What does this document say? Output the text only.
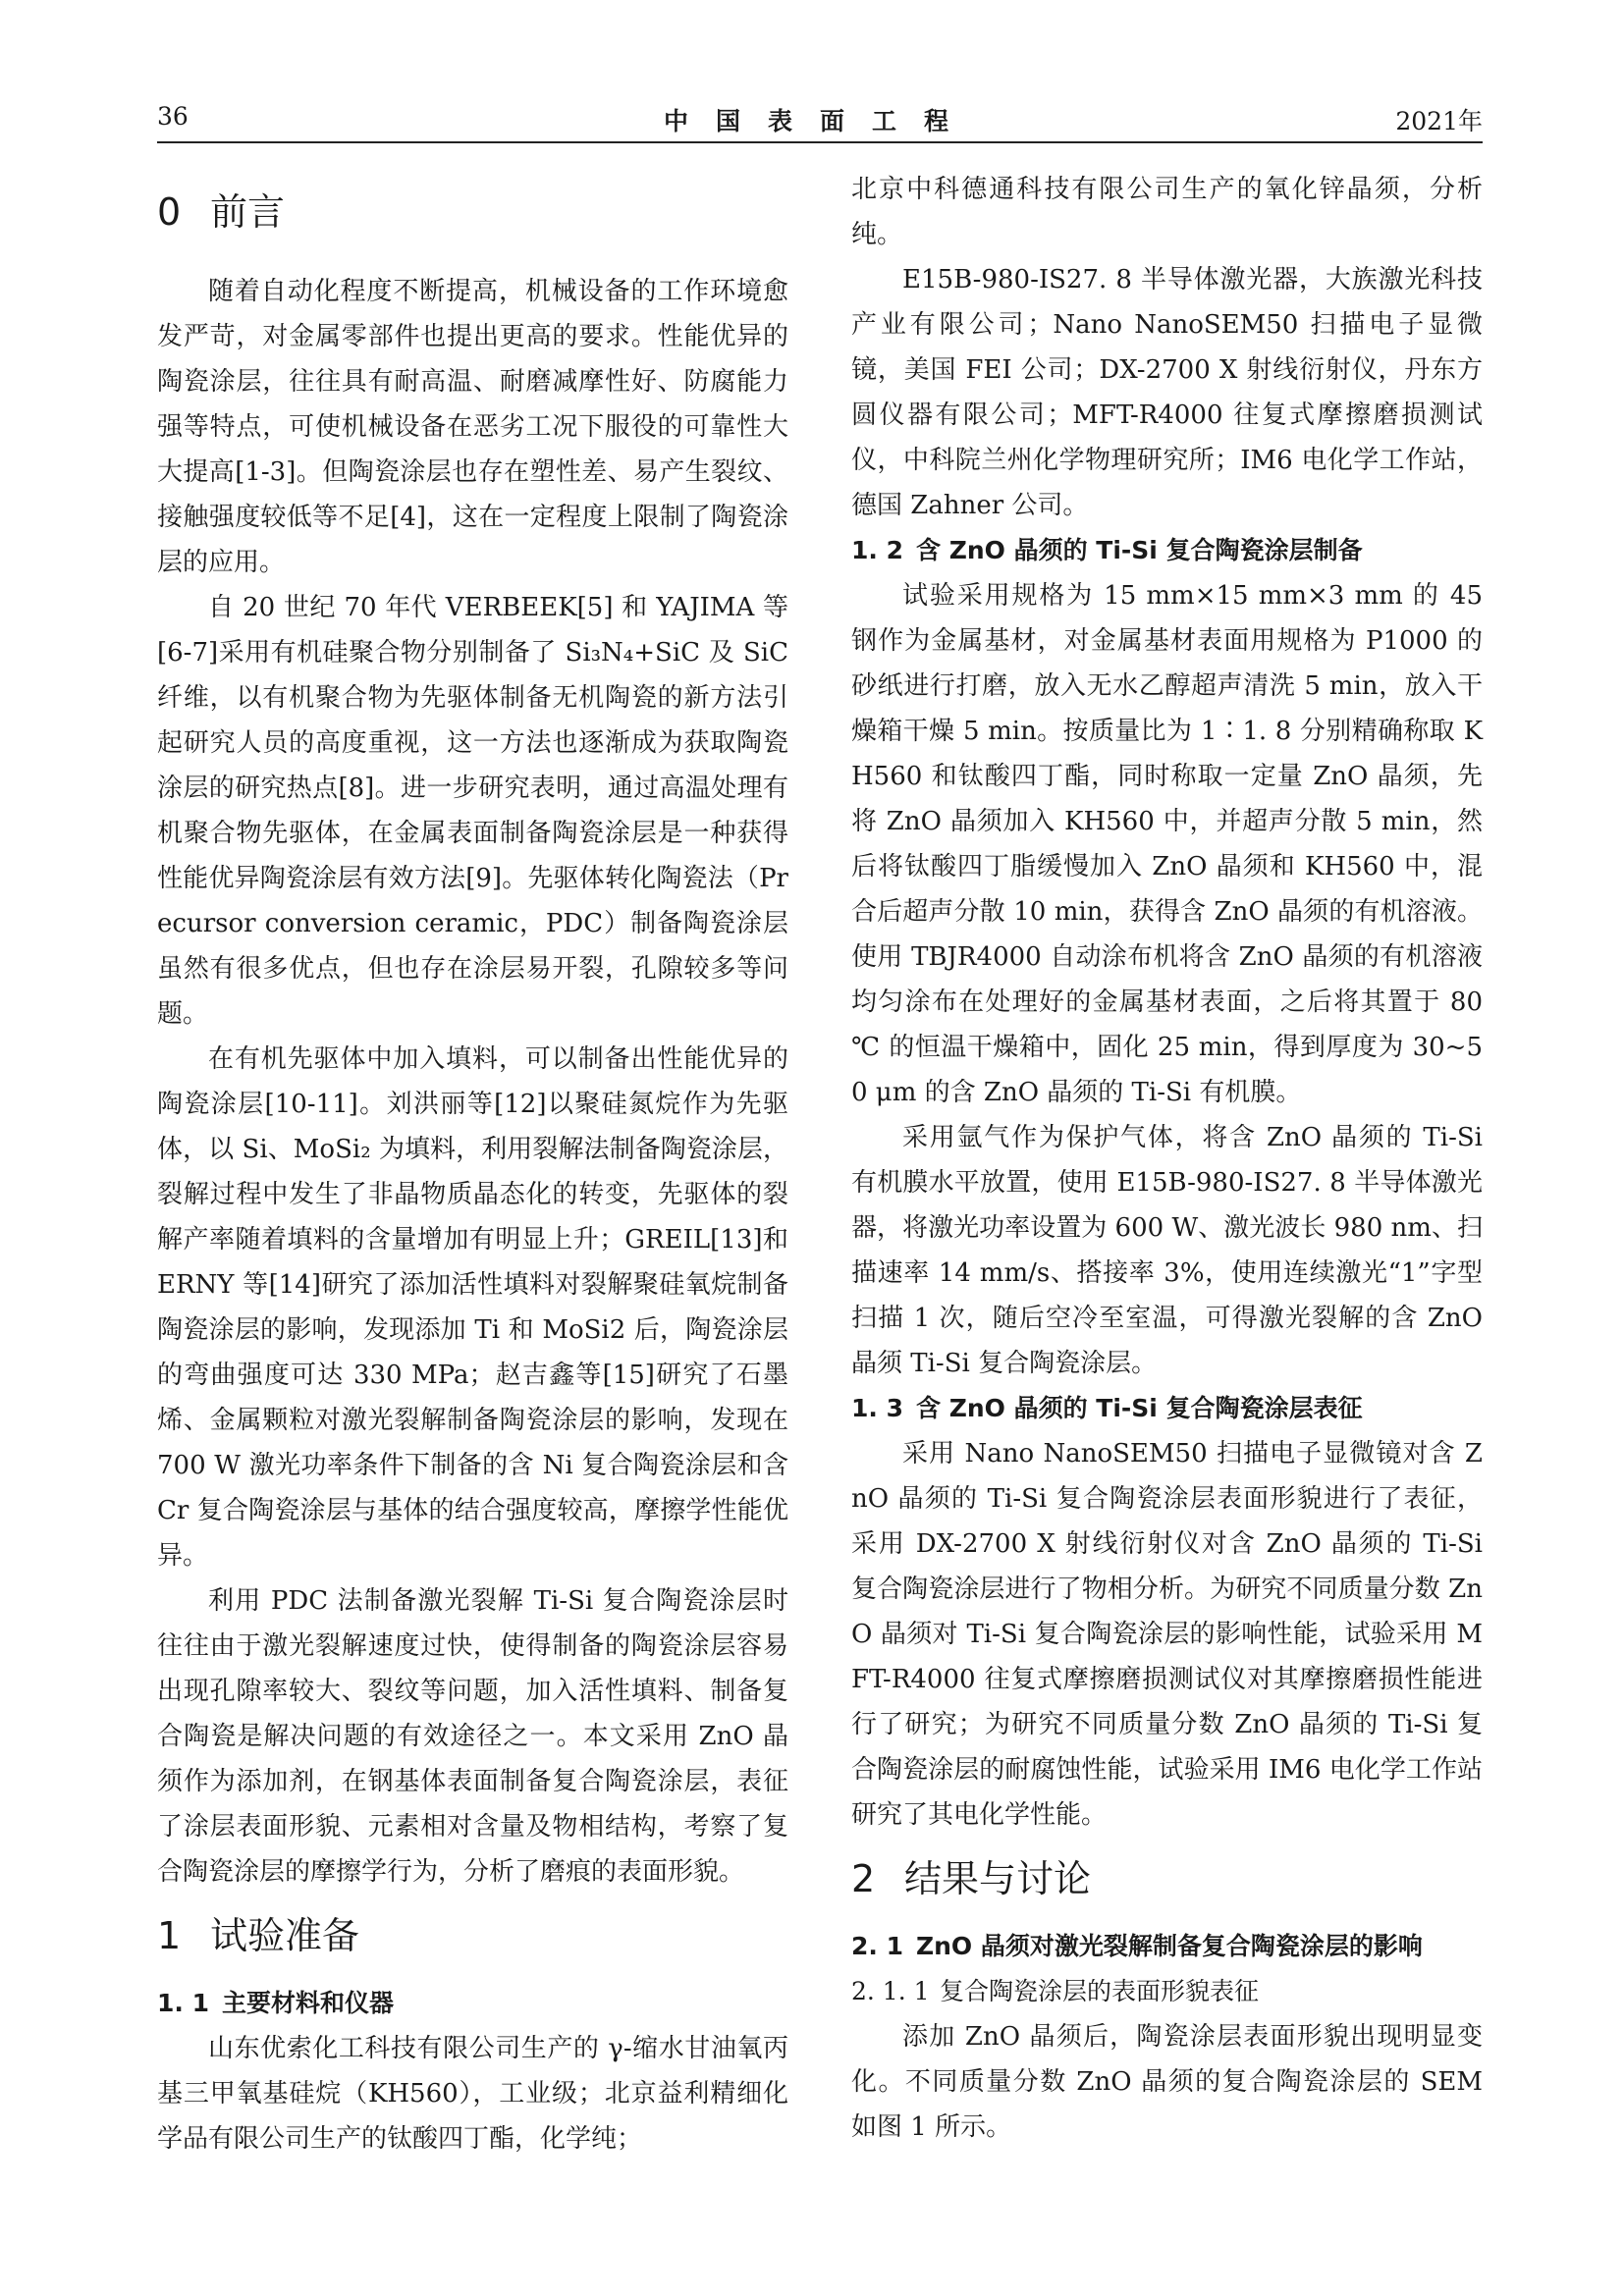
36	中国表面工程	2021年
0 前言

随着自动化程度不断提高，机械设备的工作环境愈发严苛，对金属零部件也提出更高的要求。性能优异的陶瓷涂层，往往具有耐高温、耐磨减摩性好、防腐能力强等特点，可使机械设备在恶劣工况下服役的可靠性大大提高[1-3]。但陶瓷涂层也存在塑性差、易产生裂纹、接触强度较低等不足[4]，这在一定程度上限制了陶瓷涂层的应用。

自 20 世纪 70 年代 VERBEEK[5] 和 YAJIMA 等[6-7]采用有机硅聚合物分别制备了 Si₃N₄+SiC 及 SiC 纤维，以有机聚合物为先驱体制备无机陶瓷的新方法引起研究人员的高度重视，这一方法也逐渐成为获取陶瓷涂层的研究热点[8]。进一步研究表明，通过高温处理有机聚合物先驱体，在金属表面制备陶瓷涂层是一种获得性能优异陶瓷涂层有效方法[9]。先驱体转化陶瓷法（Precursor conversion ceramic，PDC）制备陶瓷涂层虽然有很多优点，但也存在涂层易开裂，孔隙较多等问题。

在有机先驱体中加入填料，可以制备出性能优异的陶瓷涂层[10-11]。刘洪丽等[12]以聚硅氮烷作为先驱体，以 Si、MoSi₂ 为填料，利用裂解法制备陶瓷涂层，裂解过程中发生了非晶物质晶态化的转变，先驱体的裂解产率随着填料的含量增加有明显上升；GREIL[13]和 ERNY 等[14]研究了添加活性填料对裂解聚硅氧烷制备陶瓷涂层的影响，发现添加 Ti 和 MoSi2 后，陶瓷涂层的弯曲强度可达 330 MPa；赵吉鑫等[15]研究了石墨烯、金属颗粒对激光裂解制备陶瓷涂层的影响，发现在 700 W 激光功率条件下制备的含 Ni 复合陶瓷涂层和含 Cr 复合陶瓷涂层与基体的结合强度较高，摩擦学性能优异。

利用 PDC 法制备激光裂解 Ti-Si 复合陶瓷涂层时往往由于激光裂解速度过快，使得制备的陶瓷涂层容易出现孔隙率较大、裂纹等问题，加入活性填料、制备复合陶瓷是解决问题的有效途径之一。本文采用 ZnO 晶须作为添加剂，在钢基体表面制备复合陶瓷涂层，表征了涂层表面形貌、元素相对含量及物相结构，考察了复合陶瓷涂层的摩擦学行为，分析了磨痕的表面形貌。

1 试验准备
1. 1 主要材料和仪器

山东优索化工科技有限公司生产的 γ-缩水甘油氧丙基三甲氧基硅烷（KH560），工业级；北京益利精细化学品有限公司生产的钛酸四丁酯，化学纯；

北京中科德通科技有限公司生产的氧化锌晶须，分析纯。

E15B-980-IS27. 8 半导体激光器，大族激光科技产业有限公司；Nano NanoSEM50 扫描电子显微镜，美国 FEI 公司；DX-2700 X 射线衍射仪，丹东方圆仪器有限公司；MFT-R4000 往复式摩擦磨损测试仪，中科院兰州化学物理研究所；IM6 电化学工作站，德国 Zahner 公司。

1. 2 含 ZnO 晶须的 Ti-Si 复合陶瓷涂层制备

试验采用规格为 15 mm×15 mm×3 mm 的 45 钢作为金属基材，对金属基材表面用规格为 P1000 的砂纸进行打磨，放入无水乙醇超声清洗 5 min，放入干燥箱干燥 5 min。按质量比为 1∶1. 8 分别精确称取 KH560 和钛酸四丁酯，同时称取一定量 ZnO 晶须，先将 ZnO 晶须加入 KH560 中，并超声分散 5 min，然后将钛酸四丁脂缓慢加入 ZnO 晶须和 KH560 中，混合后超声分散 10 min，获得含 ZnO 晶须的有机溶液。使用 TBJR4000 自动涂布机将含 ZnO 晶须的有机溶液均匀涂布在处理好的金属基材表面，之后将其置于 80 ℃ 的恒温干燥箱中，固化 25 min，得到厚度为 30~50 μm 的含 ZnO 晶须的 Ti-Si 有机膜。

采用氩气作为保护气体，将含 ZnO 晶须的 Ti-Si 有机膜水平放置，使用 E15B-980-IS27. 8 半导体激光器，将激光功率设置为 600 W、激光波长 980 nm、扫描速率 14 mm/s、搭接率 3%，使用连续激光“1”字型扫描 1 次，随后空冷至室温，可得激光裂解的含 ZnO 晶须 Ti-Si 复合陶瓷涂层。

1. 3 含 ZnO 晶须的 Ti-Si 复合陶瓷涂层表征

采用 Nano NanoSEM50 扫描电子显微镜对含 ZnO 晶须的 Ti-Si 复合陶瓷涂层表面形貌进行了表征，采用 DX-2700 X 射线衍射仪对含 ZnO 晶须的 Ti-Si 复合陶瓷涂层进行了物相分析。为研究不同质量分数 ZnO 晶须对 Ti-Si 复合陶瓷涂层的影响性能，试验采用 MFT-R4000 往复式摩擦磨损测试仪对其摩擦磨损性能进行了研究；为研究不同质量分数 ZnO 晶须的 Ti-Si 复合陶瓷涂层的耐腐蚀性能，试验采用 IM6 电化学工作站研究了其电化学性能。

2 结果与讨论
2. 1 ZnO 晶须对激光裂解制备复合陶瓷涂层的影响
2. 1. 1 复合陶瓷涂层的表面形貌表征

添加 ZnO 晶须后，陶瓷涂层表面形貌出现明显变化。不同质量分数 ZnO 晶须的复合陶瓷涂层的 SEM 如图 1 所示。
